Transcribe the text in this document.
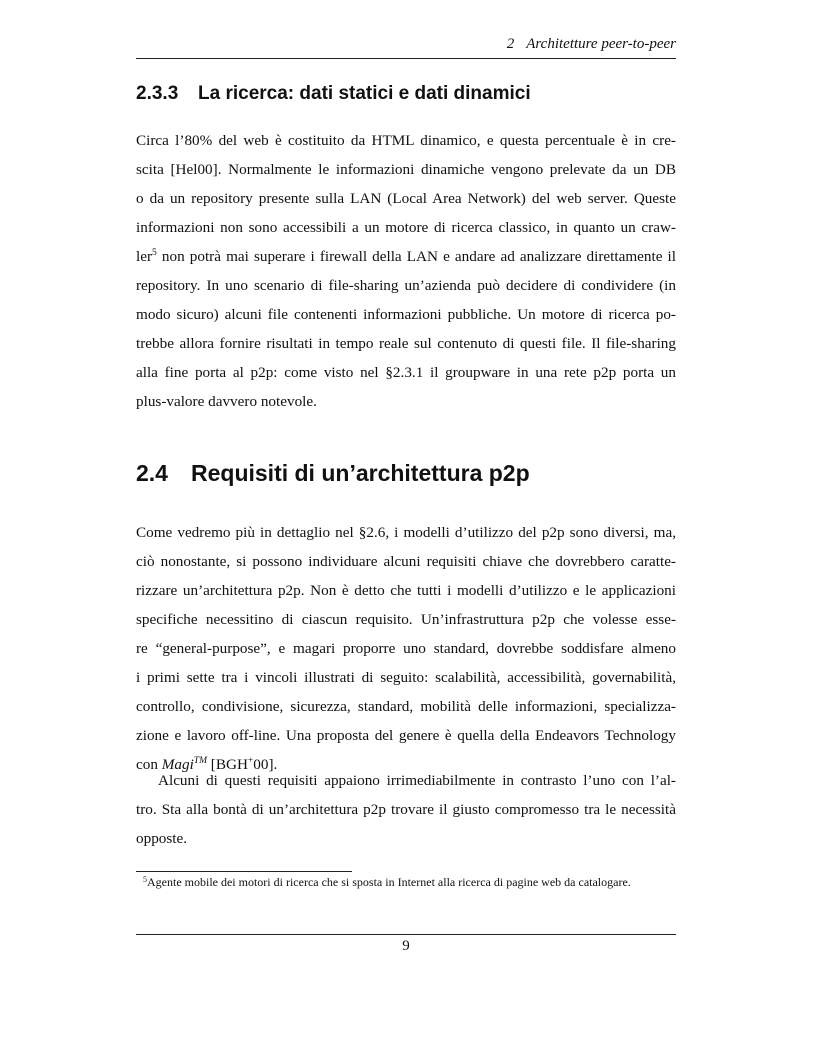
2 Architetture peer-to-peer
2.3.3 La ricerca: dati statici e dati dinamici
Circa l’80% del web è costituito da HTML dinamico, e questa percentuale è in cre-
scita [Hel00]. Normalmente le informazioni dinamiche vengono prelevate da un DB
o da un repository presente sulla LAN (Local Area Network) del web server. Queste
informazioni non sono accessibili a un motore di ricerca classico, in quanto un craw-
ler$^5$ non potrà mai superare i firewall della LAN e andare ad analizzare direttamente il
repository. In uno scenario di file-sharing un’azienda può decidere di condividere (in
modo sicuro) alcuni file contenenti informazioni pubbliche. Un motore di ricerca po-
trebbe allora fornire risultati in tempo reale sul contenuto di questi file. Il file-sharing
alla fine porta al p2p: come visto nel §2.3.1 il groupware in una rete p2p porta un
plus-valore davvero notevole.
2.4 Requisiti di un’architettura p2p
Come vedremo più in dettaglio nel §2.6, i modelli d’utilizzo del p2p sono diversi, ma,
ciò nonostante, si possono individuare alcuni requisiti chiave che dovrebbero caratte-
rizzare un’architettura p2p. Non è detto che tutti i modelli d’utilizzo e le applicazioni
specifiche necessitino di ciascun requisito. Un’infrastruttura p2p che volesse esse-
re “general-purpose”, e magari proporre uno standard, dovrebbe soddisfare almeno
i primi sette tra i vincoli illustrati di seguito: scalabilità, accessibilità, governabilità,
controllo, condivisione, sicurezza, standard, mobilità delle informazioni, specializza-
zione e lavoro off-line. Una proposta del genere è quella della Endeavors Technology
con Magi™ [BGH+00].
Alcuni di questi requisiti appaiono irrimediabilmente in contrasto l’uno con l’al-
tro. Sta alla bontà di un’architettura p2p trovare il giusto compromesso tra le necessità
opposte.
$^5$Agente mobile dei motori di ricerca che si sposta in Internet alla ricerca di pagine web da catalogare.
9
